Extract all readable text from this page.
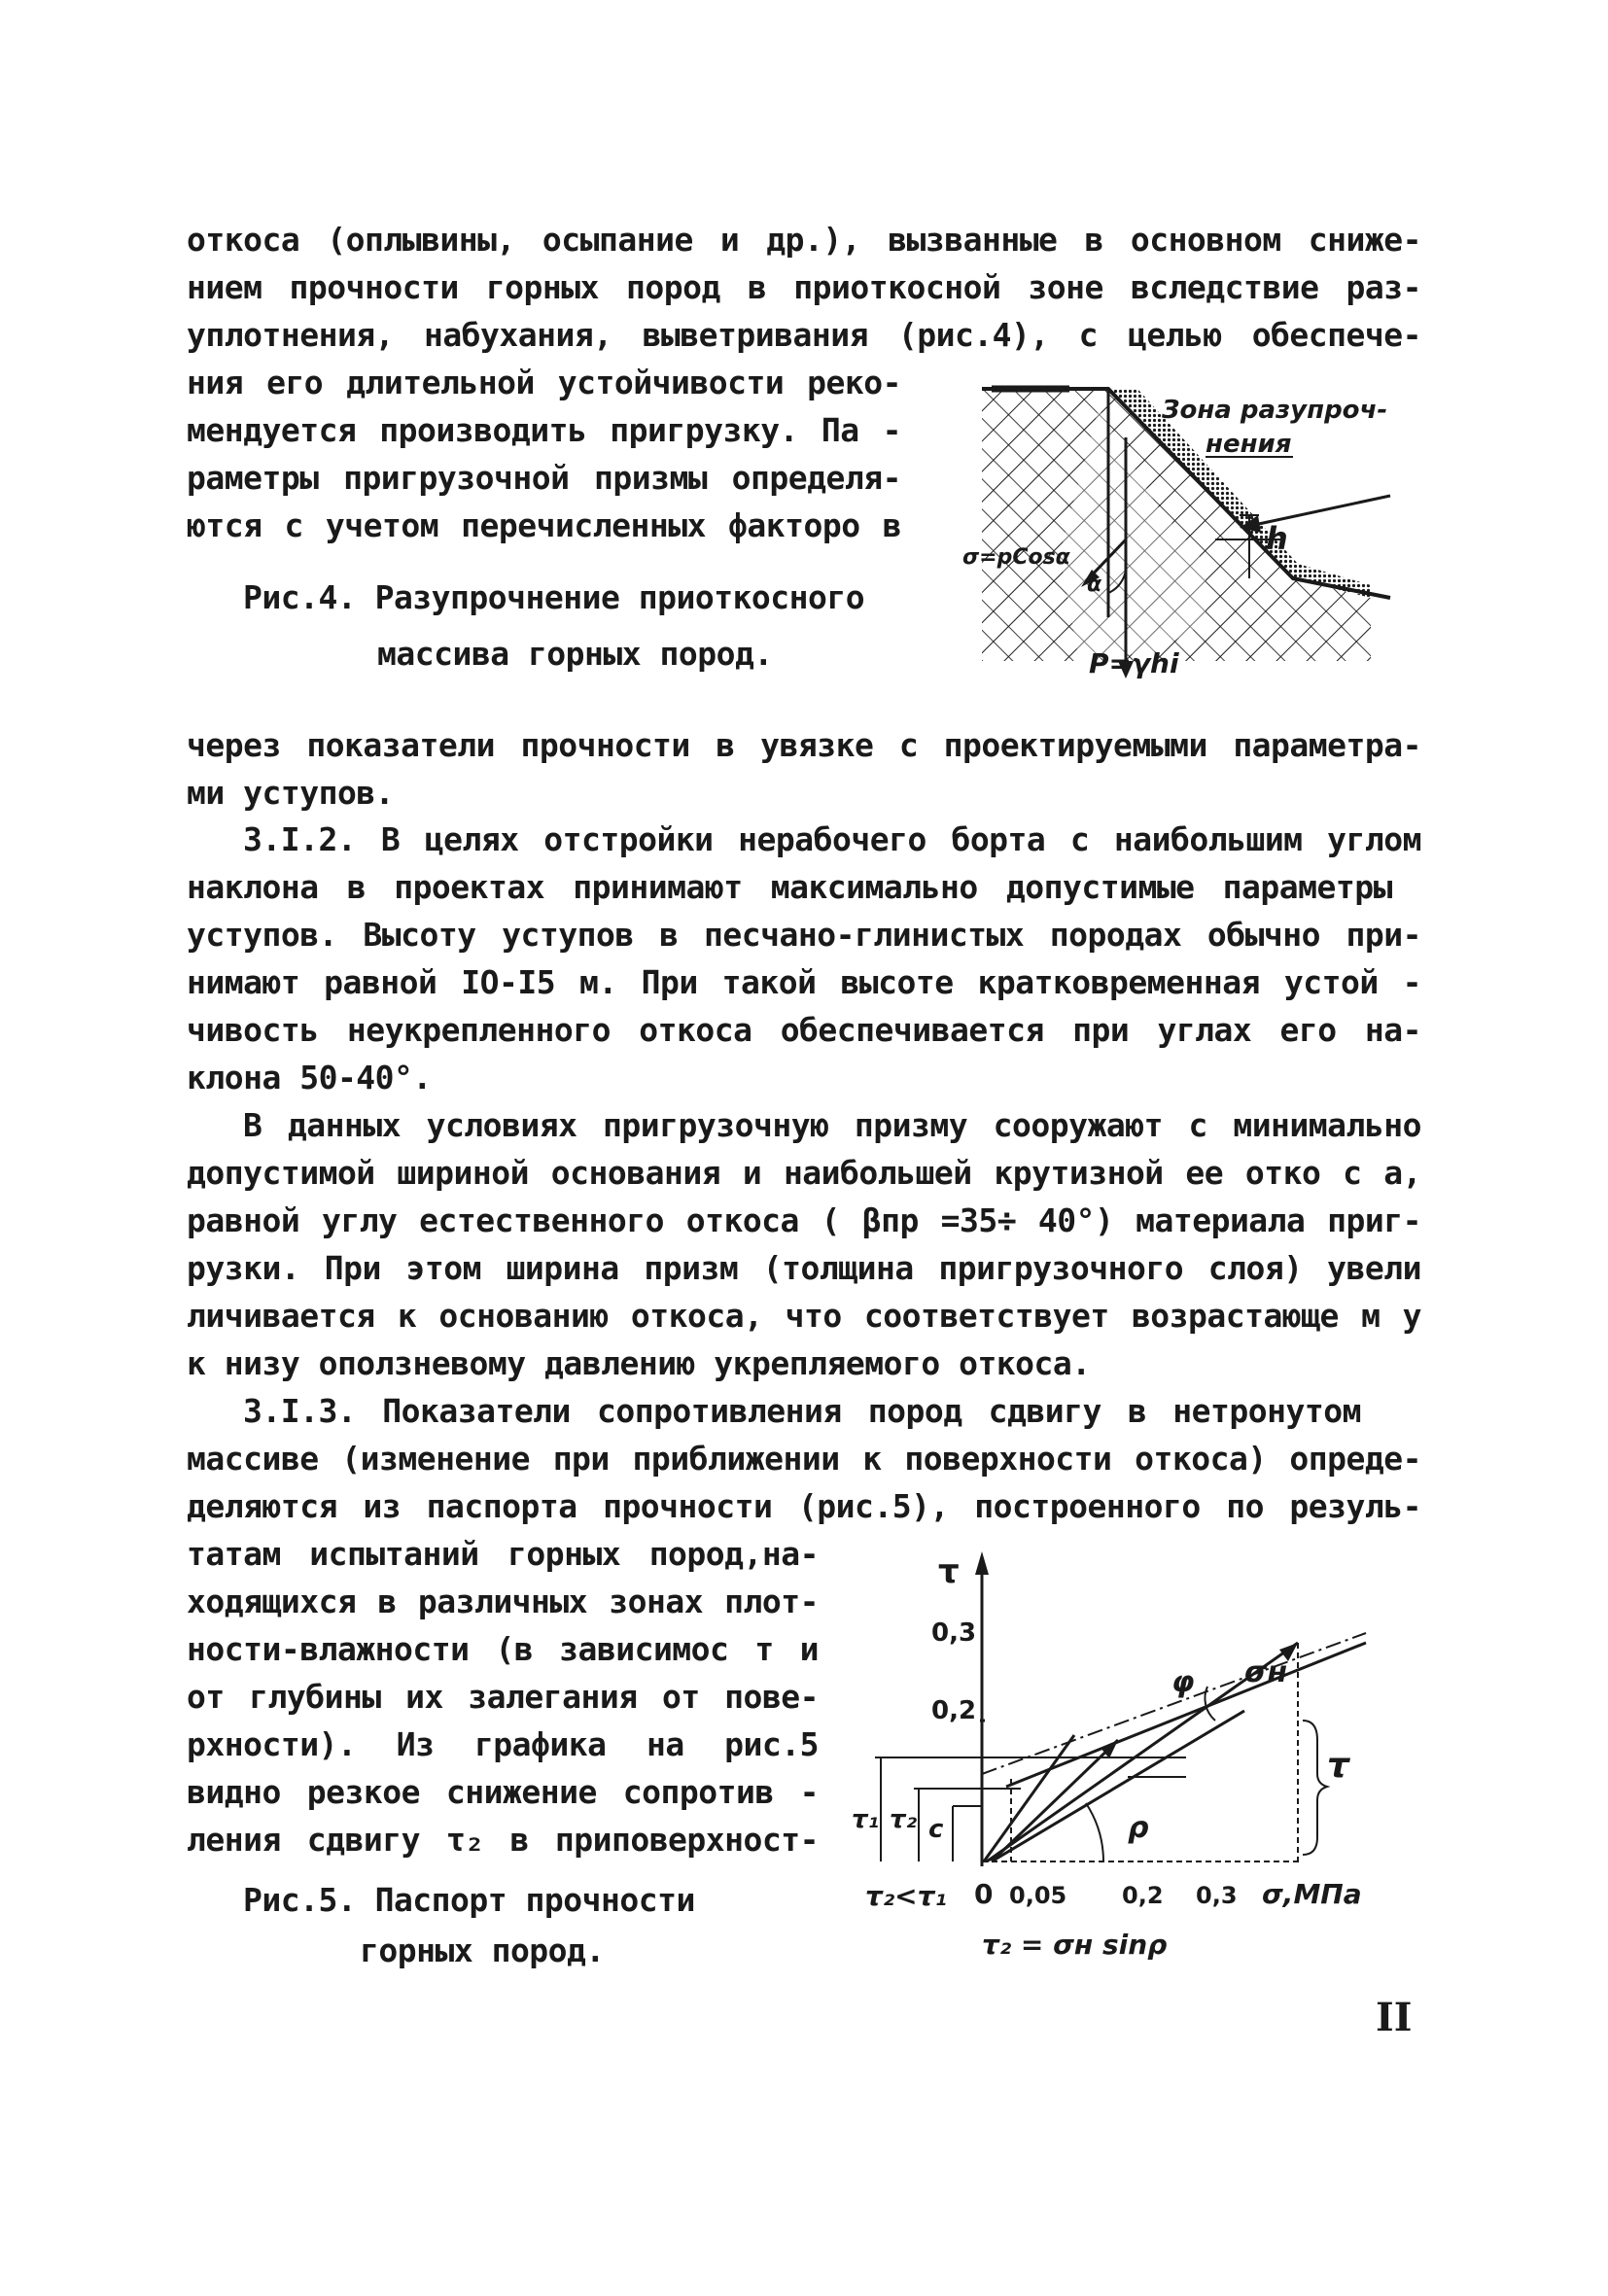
откоса (оплывины, осыпание и др.), вызванные в основном сниже-
нием прочности горных пород в приоткосной зоне вследствие раз-
уплотнения, набухания, выветривания (рис.4), с целью обеспече-
ния его длительной устойчивости реко-
мендуется производить пригрузку. Па -
раметры пригрузочной призмы определя-
ются с учетом перечисленных факторо в
Рис.4. Разупрочнение приоткосного
массива горных пород.
Зона разупроч-
нения
h
σ=pCosα
α
P=γhi
через показатели прочности в увязке с проектируемыми параметра-
ми уступов.
3.I.2. В целях отстройки нерабочего борта с наибольшим углом
наклона в проектах принимают максимально допустимые параметры
уступов. Высоту уступов в песчано-глинистых породах обычно при-
нимают равной IO-I5 м. При такой высоте кратковременная устой -
чивость неукрепленного откоса обеспечивается при углах его на-
клона 50-40°.
В данных условиях пригрузочную призму сооружают с минимально
допустимой шириной основания и наибольшей крутизной ее отко с а,
равной углу естественного откоса ( βпр =35÷ 40°) материала приг-
рузки. При этом ширина призм (толщина пригрузочного слоя) увели
личивается к основанию откоса, что соответствует возрастающе м у
к низу оползневому давлению укрепляемого откоса.
3.I.3. Показатели сопротивления пород сдвигу в нетронутом
массиве (изменение при приближении к поверхности откоса) опреде-
деляются из паспорта прочности (рис.5), построенного по резуль-
татам испытаний горных пород,на-
ходящихся в различных зонах плот-
ности-влажности (в зависимос т и
от глубины их залегания от пове-
рхности). Из графика на рис.5
видно резкое снижение сопротив -
ления сдвигу τ₂ в приповерхност-
Рис.5. Паспорт прочности
горных пород.
τ
0,3
0,2
φ σн
τ
ρ
τ₁ τ₂ c
0 0,05 0,2 0,3 σ,МПа
τ₂<τ₁
τ₂ = σн sinρ
II
